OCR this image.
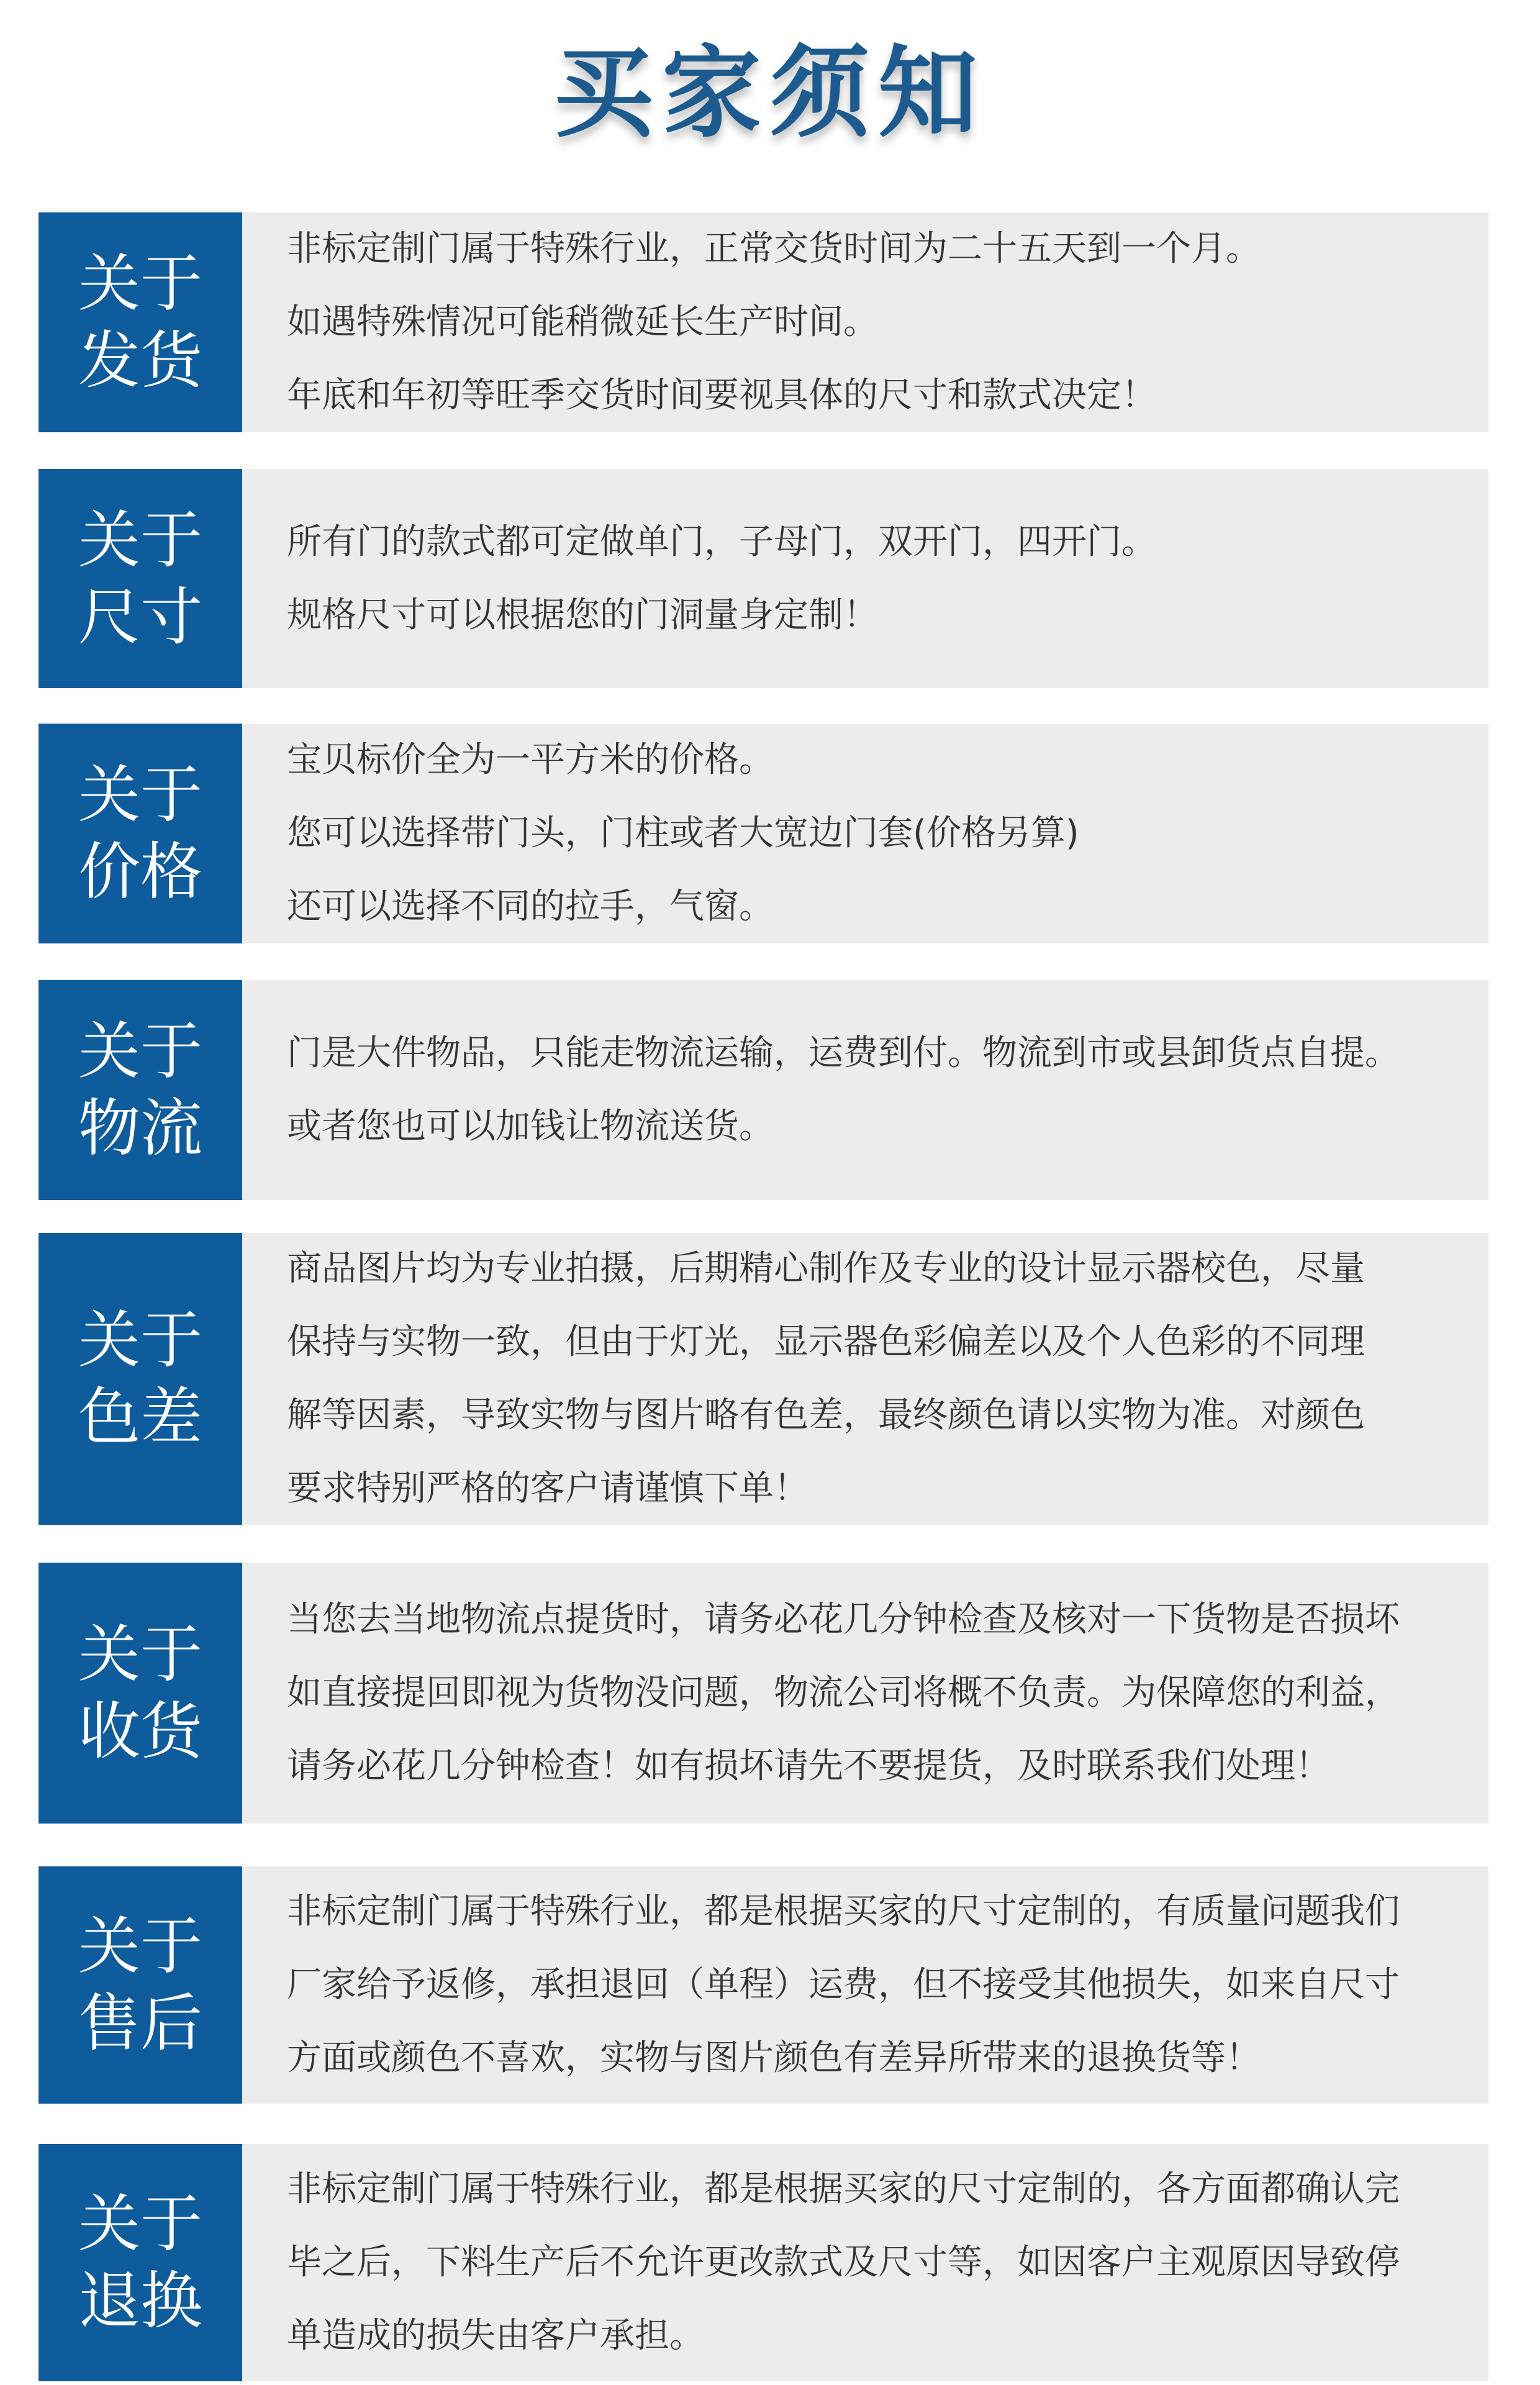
买家须知
关于
发货
非标定制门属于特殊行业，正常交货时间为二十五天到一个月。
如遇特殊情况可能稍微延长生产时间。
年底和年初等旺季交货时间要视具体的尺寸和款式决定！
关于
尺寸
所有门的款式都可定做单门，子母门，双开门，四开门。
规格尺寸可以根据您的门洞量身定制！
关于
价格
宝贝标价全为一平方米的价格。
您可以选择带门头，门柱或者大宽边门套(价格另算)
还可以选择不同的拉手，气窗。
关于
物流
门是大件物品，只能走物流运输，运费到付。物流到市或县卸货点自提。
或者您也可以加钱让物流送货。
关于
色差
商品图片均为专业拍摄，后期精心制作及专业的设计显示器校色，尽量
保持与实物一致，但由于灯光，显示器色彩偏差以及个人色彩的不同理
解等因素，导致实物与图片略有色差，最终颜色请以实物为准。对颜色
要求特别严格的客户请谨慎下单！
关于
收货
当您去当地物流点提货时，请务必花几分钟检查及核对一下货物是否损坏
如直接提回即视为货物没问题，物流公司将概不负责。为保障您的利益，
请务必花几分钟检查！如有损坏请先不要提货，及时联系我们处理！
关于
售后
非标定制门属于特殊行业，都是根据买家的尺寸定制的，有质量问题我们
厂家给予返修，承担退回（单程）运费，但不接受其他损失，如来自尺寸
方面或颜色不喜欢，实物与图片颜色有差异所带来的退换货等！
关于
退换
非标定制门属于特殊行业，都是根据买家的尺寸定制的，各方面都确认完
毕之后，下料生产后不允许更改款式及尺寸等，如因客户主观原因导致停
单造成的损失由客户承担。
